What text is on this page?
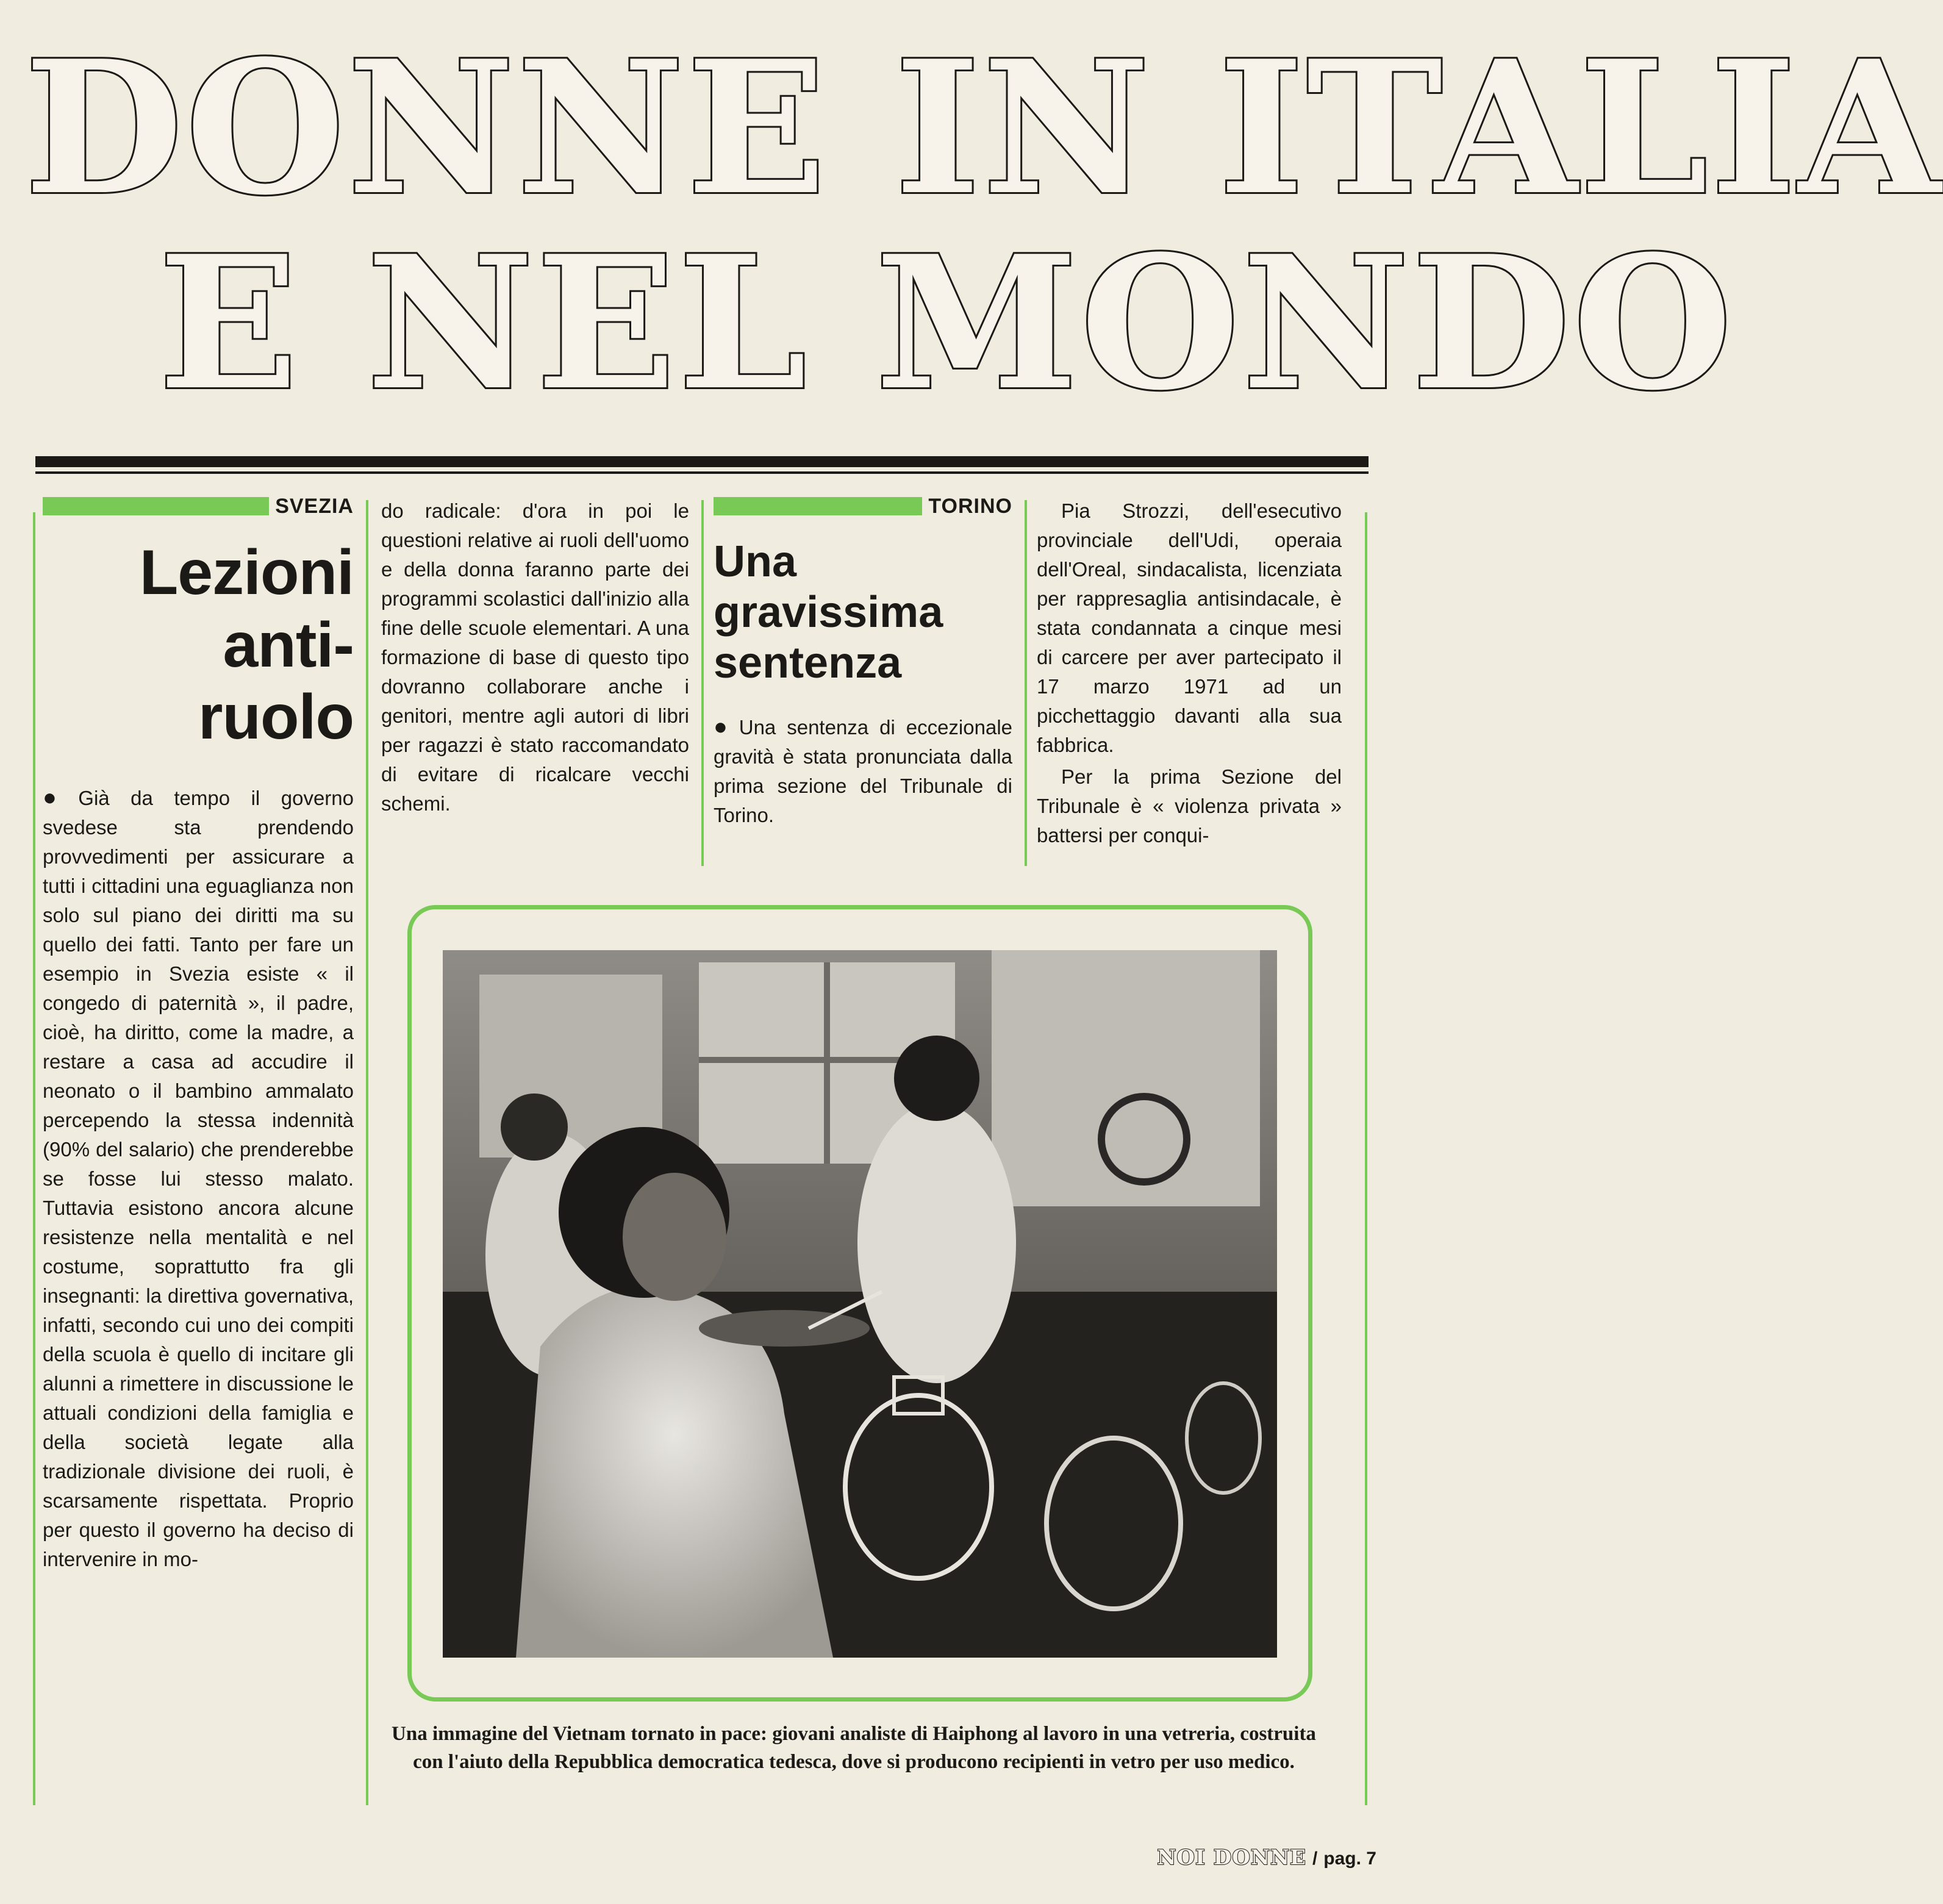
DONNE IN ITALIA
E NEL MONDO
SVEZIA
Lezioni
anti-
ruolo

● Già da tempo il governo svedese sta prendendo provvedimenti per assicurare a tutti i cittadini una eguaglianza non solo sul piano dei diritti ma su quello dei fatti. Tanto per fare un esempio in Svezia esiste « il congedo di paternità », il padre, cioè, ha diritto, come la madre, a restare a casa ad accudire il neonato o il bambino ammalato percependo la stessa indennità (90% del salario) che prenderebbe se fosse lui stesso malato. Tuttavia esistono ancora alcune resistenze nella mentalità e nel costume, soprattutto fra gli insegnanti: la direttiva governativa, infatti, secondo cui uno dei compiti della scuola è quello di incitare gli alunni a rimettere in discussione le attuali condizioni della famiglia e della società legate alla tradizionale divisione dei ruoli, è scarsamente rispettata. Proprio per questo il governo ha deciso di intervenire in mo-

do radicale: d'ora in poi le questioni relative ai ruoli dell'uomo e della donna faranno parte dei programmi scolastici dall'inizio alla fine delle scuole elementari. A una formazione di base di questo tipo dovranno collaborare anche i genitori, mentre agli autori di libri per ragazzi è stato raccomandato di evitare di ricalcare vecchi schemi.

TORINO
Una
gravissima
sentenza

● Una sentenza di eccezionale gravità è stata pronunciata dalla prima sezione del Tribunale di Torino.

Pia Strozzi, dell'esecutivo provinciale dell'Udi, operaia dell'Oreal, sindacalista, licenziata per rappresaglia antisindacale, è stata condannata a cinque mesi di carcere per aver partecipato il 17 marzo 1971 ad un picchettaggio davanti alla sua fabbrica.

Per la prima Sezione del Tribunale è « violenza privata » battersi per conqui-

Una immagine del Vietnam tornato in pace: giovani analiste di Haiphong al lavoro in una vetreria, costruita con l'aiuto della Repubblica democratica tedesca, dove si producono recipienti in vetro per uso medico.
NOI DONNE / pag. 7
